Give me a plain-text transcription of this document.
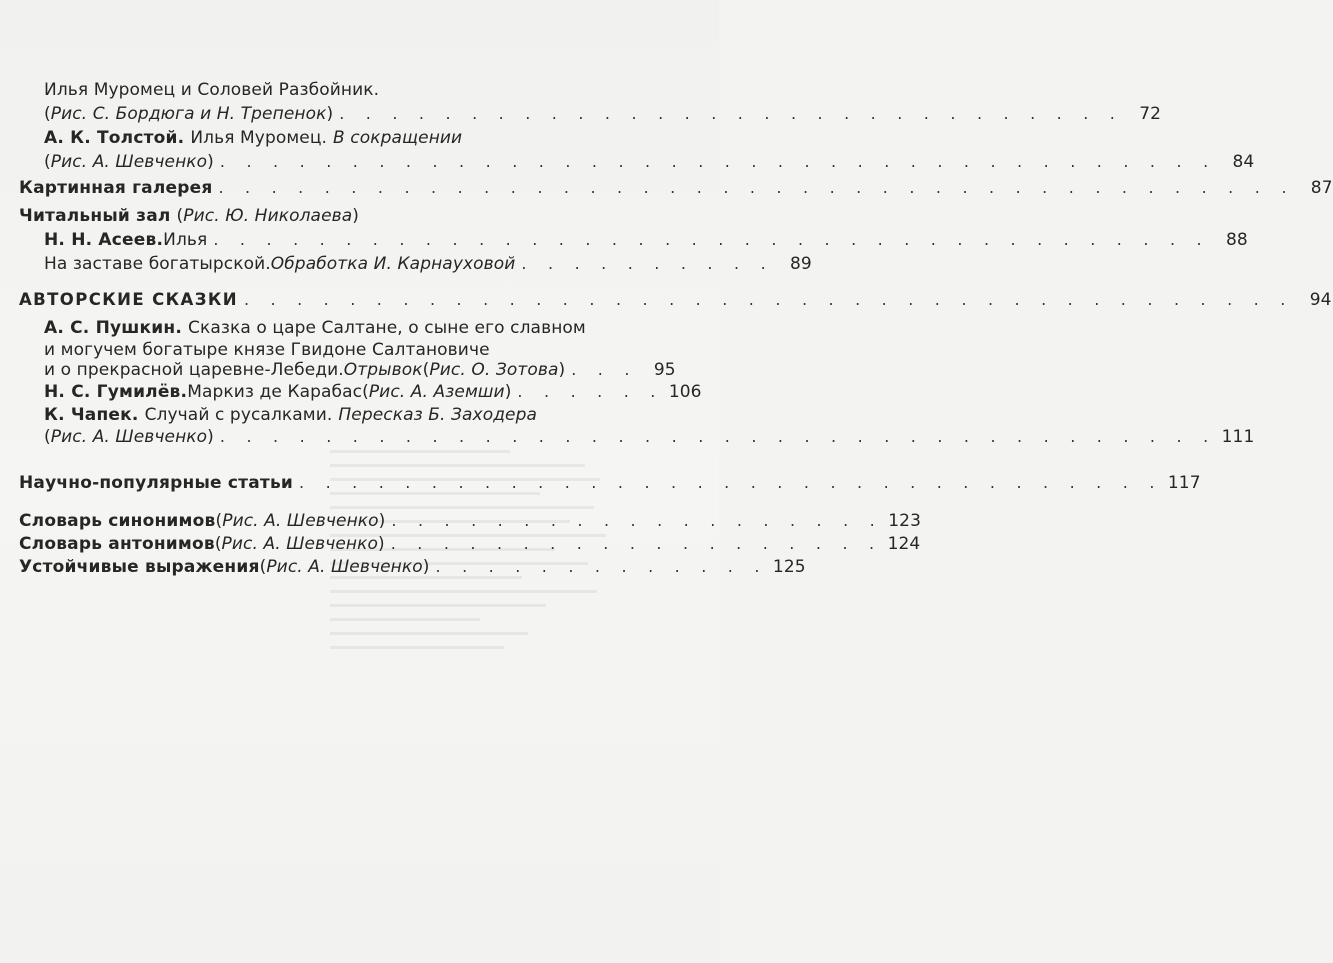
Илья Муромец и Соловей Разбойник.
( Рис. С. Бордюга и Н. Трепенок ) . . . . . . . . . . . . . . . . . . . . . . . . . . . . . . 72
А. К. Толстой. Илья Муромец. В сокращении
( Рис. А. Шевченко ) . . . . . . . . . . . . . . . . . . . . . . . . . . . . . . . . . . . . . . 84
Картинная галерея . . . . . . . . . . . . . . . . . . . . . . . . . . . . . . . . . . . . . . . . . 87
Читальный зал ( Рис. Ю. Николаева )
Н. Н. Асеев. Илья . . . . . . . . . . . . . . . . . . . . . . . . . . . . . . . . . . . . . . 88
На заставе богатырской. Обработка И. Карнауховой . . . . . . . . . . 89
АВТОРСКИЕ СКАЗКИ . . . . . . . . . . . . . . . . . . . . . . . . . . . . . . . . . . . . . . . . 94
А. С. Пушкин. Сказка о царе Салтане, о сыне его славном
и могучем богатыре князе Гвидоне Салтановиче
и о прекрасной царевне-Лебеди. Отрывок ( Рис. О. Зотова ) . . . 95
Н. С. Гумилёв. Маркиз де Карабас ( Рис. А. Аземши ) . . . . . . 106
К. Чапек. Случай с русалками. Пересказ Б. Заходера
( Рис. А. Шевченко ) . . . . . . . . . . . . . . . . . . . . . . . . . . . . . . . . . . . . . . 111
Научно-популярные статьи . . . . . . . . . . . . . . . . . . . . . . . . . . . . . . . . . 117
Словарь синонимов ( Рис. А. Шевченко ) . . . . . . . . . . . . . . . . . . . 123
Словарь антонимов ( Рис. А. Шевченко ) . . . . . . . . . . . . . . . . . . . 124
Устойчивые выражения ( Рис. А. Шевченко ) . . . . . . . . . . . . . 125
